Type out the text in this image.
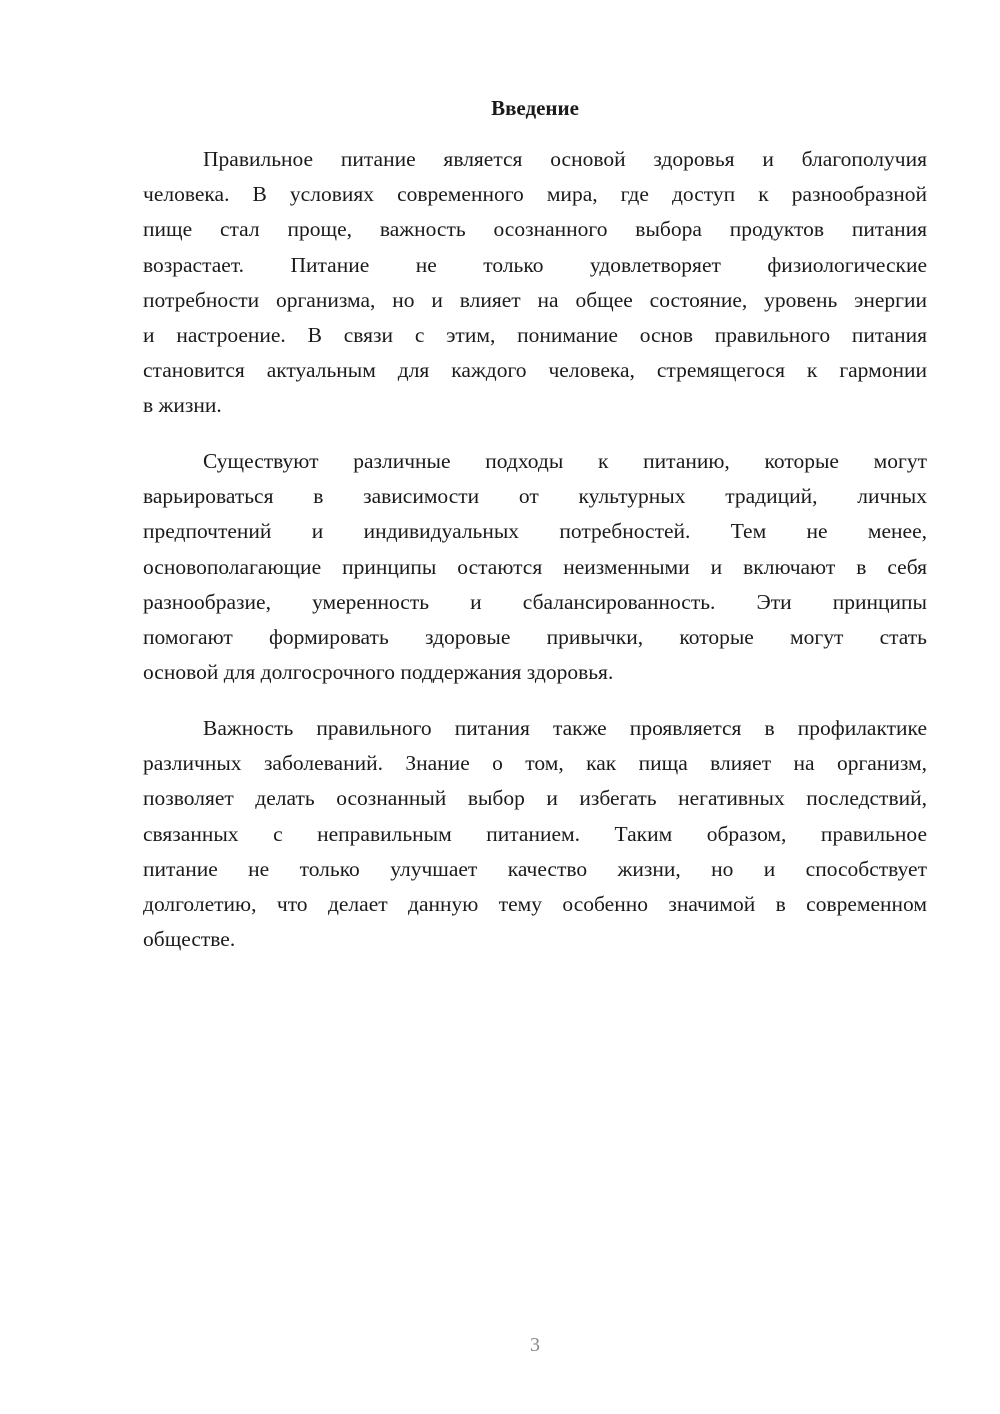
Введение
Правильное питание является основой здоровья и благополучия
человека. В условиях современного мира, где доступ к разнообразной
пище стал проще, важность осознанного выбора продуктов питания
возрастает. Питание не только удовлетворяет физиологические
потребности организма, но и влияет на общее состояние, уровень энергии
и настроение. В связи с этим, понимание основ правильного питания
становится актуальным для каждого человека, стремящегося к гармонии
в жизни.
Существуют различные подходы к питанию, которые могут
варьироваться в зависимости от культурных традиций, личных
предпочтений и индивидуальных потребностей. Тем не менее,
основополагающие принципы остаются неизменными и включают в себя
разнообразие, умеренность и сбалансированность. Эти принципы
помогают формировать здоровые привычки, которые могут стать
основой для долгосрочного поддержания здоровья.
Важность правильного питания также проявляется в профилактике
различных заболеваний. Знание о том, как пища влияет на организм,
позволяет делать осознанный выбор и избегать негативных последствий,
связанных с неправильным питанием. Таким образом, правильное
питание не только улучшает качество жизни, но и способствует
долголетию, что делает данную тему особенно значимой в современном
обществе.
3
